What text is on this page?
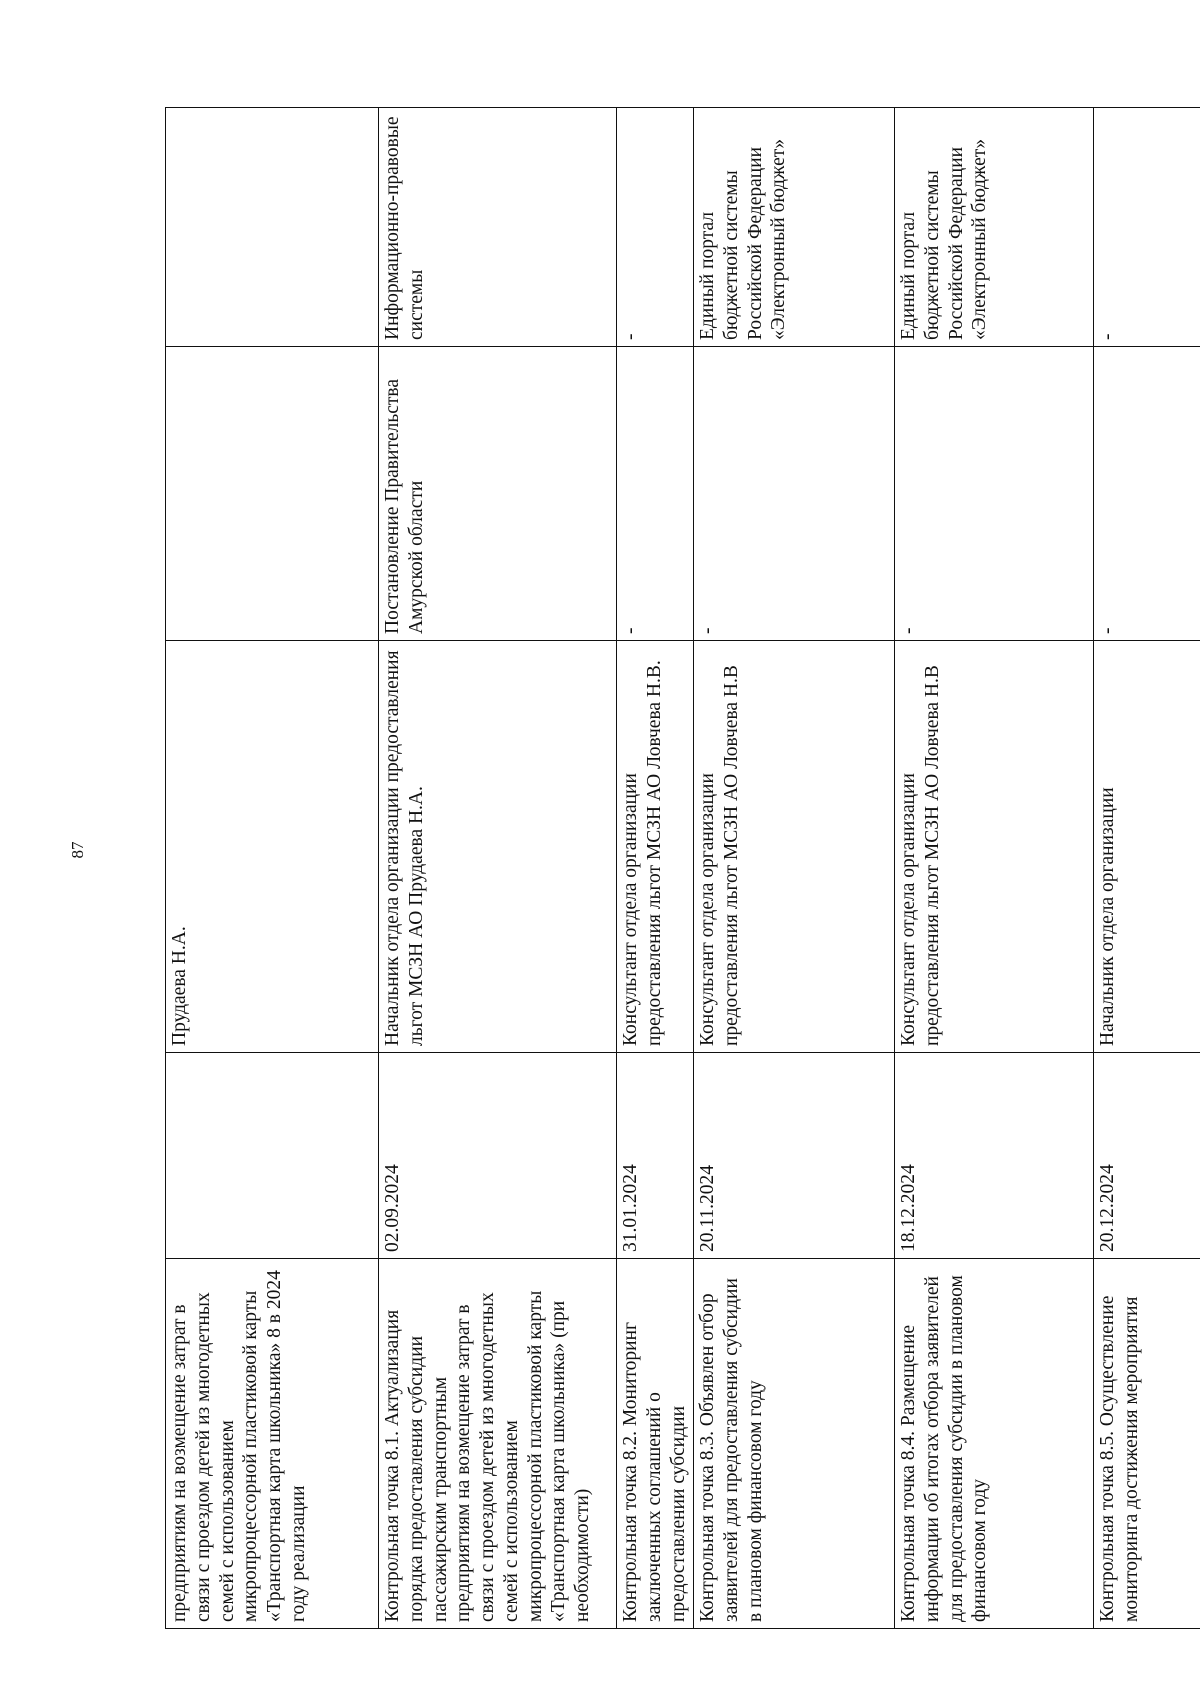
87
предприятиям на возмещение затрат в связи с проездом детей из многодетных семей с использованием микропроцессорной пластиковой карты «Транспортная карта школьника» 8 в 2024 году реализации		Прудаева Н.А.		
Контрольная точка 8.1. Актуализация порядка предоставления субсидии пассажирским транспортным предприятиям на возмещение затрат в связи с проездом детей из многодетных семей с использованием микропроцессорной пластиковой карты «Транспортная карта школьника» (при необходимости)	02.09.2024	Начальник отдела организации предоставления льгот МСЗН АО Прудаева Н.А.	Постановление Правительства Амурской области	Информационно-правовые системы
Контрольная точка 8.2. Мониторинг заключенных соглашений о предоставлении субсидии	31.01.2024	Консультант отдела организации предоставления льгот МСЗН АО Ловчева Н.В.	-	-
Контрольная точка 8.3. Объявлен отбор заявителей для предоставления субсидии в плановом финансовом году	20.11.2024	Консультант отдела организации предоставления льгот МСЗН АО Ловчева Н.В	-	Единый портал бюджетной системы Российской Федерации «Электронный бюджет»
Контрольная точка 8.4. Размещение информации об итогах отбора заявителей для предоставления субсидии в плановом финансовом году	18.12.2024	Консультант отдела организации предоставления льгот МСЗН АО Ловчева Н.В	-	Единый портал бюджетной системы Российской Федерации «Электронный бюджет»
Контрольная точка 8.5. Осуществление мониторинга достижения мероприятия	20.12.2024	Начальник отдела организации	-	-
